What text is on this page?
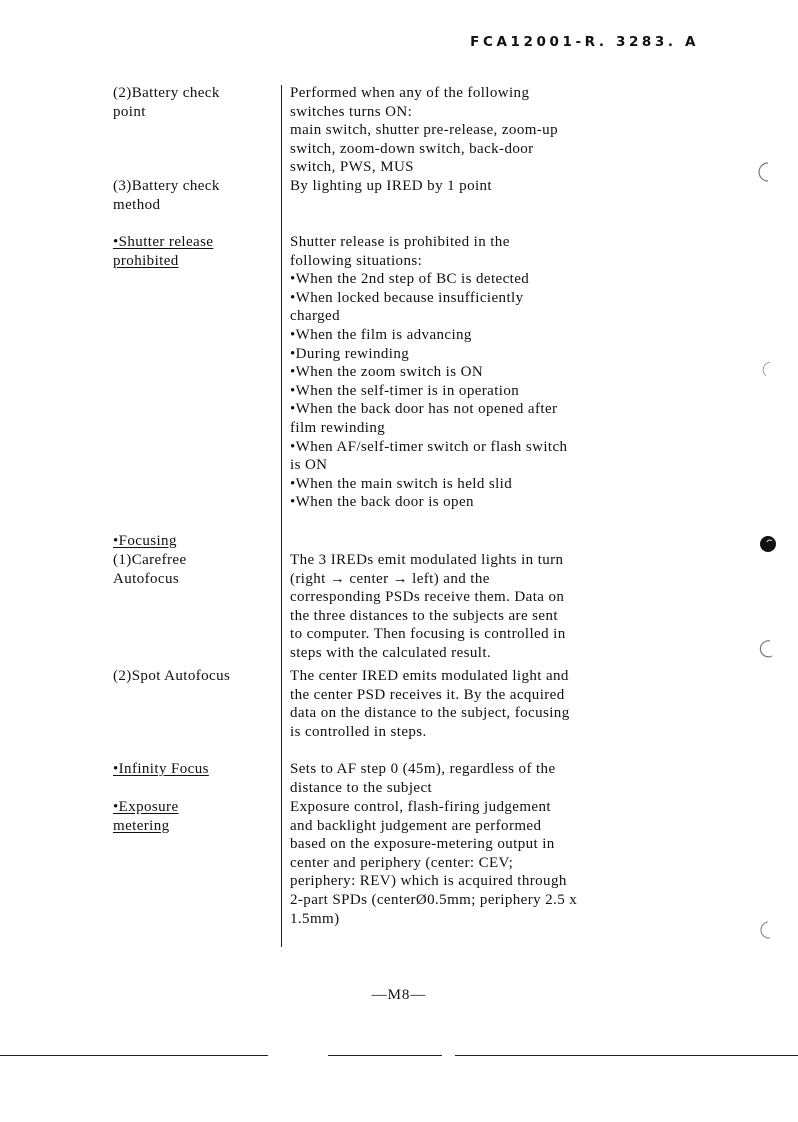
FCA12001-R. 3283. A
(2)Battery check
point
Performed when any of the following
switches turns ON:
main switch, shutter pre-release, zoom-up
switch, zoom-down switch, back-door
switch, PWS, MUS
(3)Battery check
method
By lighting up IRED by 1 point
•Shutter release
prohibited
Shutter release is prohibited in the
following situations:
•When the 2nd step of BC is detected
•When locked because insufficiently
charged
•When the film is advancing
•During rewinding
•When the zoom switch is ON
•When the self-timer is in operation
•When the back door has not opened after
film rewinding
•When AF/self-timer switch or flash switch
is ON
•When the main switch is held slid
•When the back door is open
•Focusing
(1)Carefree
Autofocus
The 3 IREDs emit modulated lights in turn
(right → center → left) and the
corresponding PSDs receive them. Data on
the three distances to the subjects are sent
to computer. Then focusing is controlled in
steps with the calculated result.
(2)Spot Autofocus	The center IRED emits modulated light and
the center PSD receives it. By the acquired
data on the distance to the subject, focusing
is controlled in steps.
•Infinity Focus	Sets to AF step 0 (45m), regardless of the
distance to the subject
•Exposure
metering
Exposure control, flash-firing judgement
and backlight judgement are performed
based on the exposure-metering output in
center and periphery (center: CEV;
periphery: REV) which is acquired through
2-part SPDs (centerØ0.5mm; periphery 2.5 x
1.5mm)
—M8—
